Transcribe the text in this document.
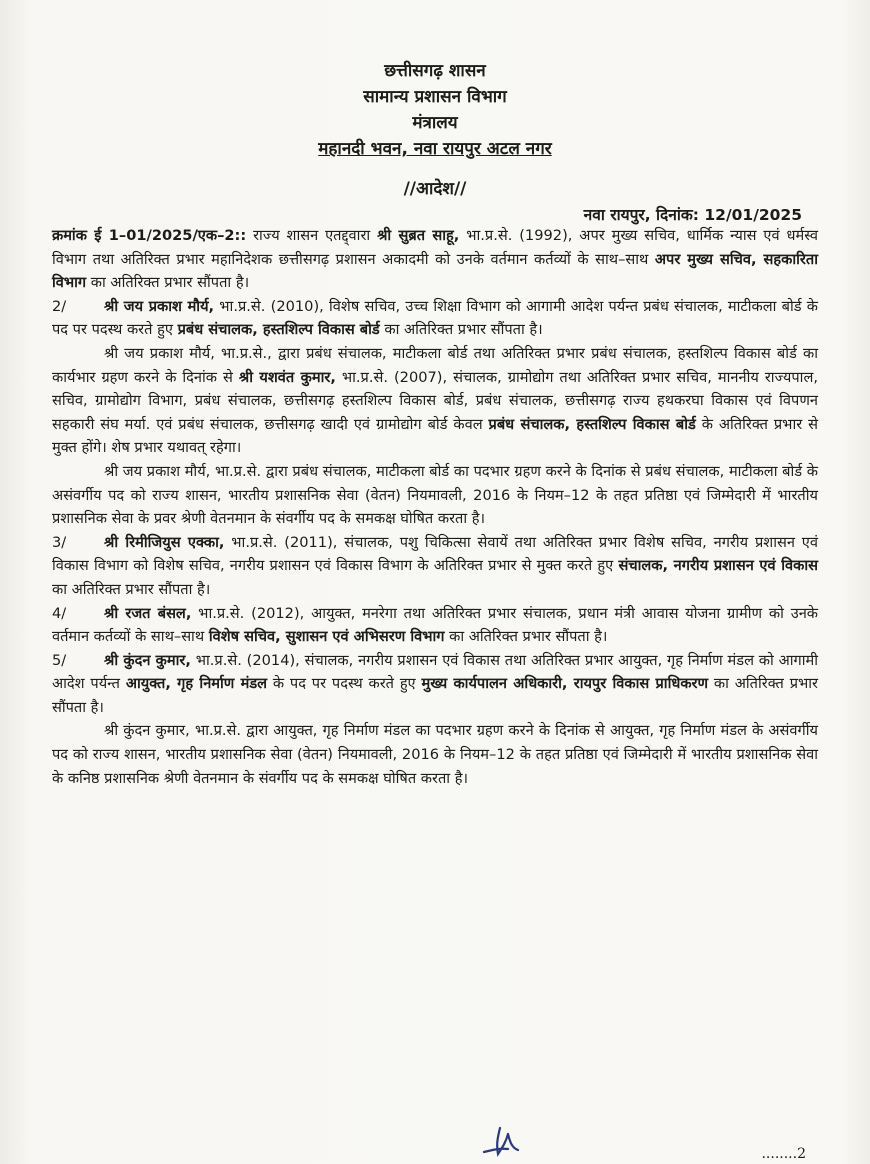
छत्तीसगढ़ शासन
सामान्य प्रशासन विभाग
मंत्रालय
महानदी भवन, नवा रायपुर अटल नगर
//आदेश//
नवा रायपुर, दिनांक: 12/01/2025

क्रमांक ई 1–01/2025/एक–2:: राज्य शासन एतद्द्वारा श्री सुब्रत साहू, भा.प्र.से. (1992), अपर मुख्य सचिव, धार्मिक न्यास एवं धर्मस्व विभाग तथा अतिरिक्त प्रभार महानिदेशक छत्तीसगढ़ प्रशासन अकादमी को उनके वर्तमान कर्तव्यों के साथ–साथ अपर मुख्य सचिव, सहकारिता विभाग का अतिरिक्त प्रभार सौंपता है।

2/	श्री जय प्रकाश मौर्य, भा.प्र.से. (2010), विशेष सचिव, उच्च शिक्षा विभाग को आगामी आदेश पर्यन्त प्रबंध संचालक, माटीकला बोर्ड के पद पर पदस्थ करते हुए प्रबंध संचालक, हस्तशिल्प विकास बोर्ड का अतिरिक्त प्रभार सौंपता है।

श्री जय प्रकाश मौर्य, भा.प्र.से., द्वारा प्रबंध संचालक, माटीकला बोर्ड तथा अतिरिक्त प्रभार प्रबंध संचालक, हस्तशिल्प विकास बोर्ड का कार्यभार ग्रहण करने के दिनांक से श्री यशवंत कुमार, भा.प्र.से. (2007), संचालक, ग्रामोद्योग तथा अतिरिक्त प्रभार सचिव, माननीय राज्यपाल, सचिव, ग्रामोद्योग विभाग, प्रबंध संचालक, छत्तीसगढ़ हस्तशिल्प विकास बोर्ड, प्रबंध संचालक, छत्तीसगढ़ राज्य हथकरघा विकास एवं विपणन सहकारी संघ मर्या. एवं प्रबंध संचालक, छत्तीसगढ़ खादी एवं ग्रामोद्योग बोर्ड केवल प्रबंध संचालक, हस्तशिल्प विकास बोर्ड के अतिरिक्त प्रभार से मुक्त होंगे। शेष प्रभार यथावत् रहेगा।

श्री जय प्रकाश मौर्य, भा.प्र.से. द्वारा प्रबंध संचालक, माटीकला बोर्ड का पदभार ग्रहण करने के दिनांक से प्रबंध संचालक, माटीकला बोर्ड के असंवर्गीय पद को राज्य शासन, भारतीय प्रशासनिक सेवा (वेतन) नियमावली, 2016 के नियम–12 के तहत प्रतिष्ठा एवं जिम्मेदारी में भारतीय प्रशासनिक सेवा के प्रवर श्रेणी वेतनमान के संवर्गीय पद के समकक्ष घोषित करता है।

3/	श्री रिमीजियुस एक्का, भा.प्र.से. (2011), संचालक, पशु चिकित्सा सेवायें तथा अतिरिक्त प्रभार विशेष सचिव, नगरीय प्रशासन एवं विकास विभाग को विशेष सचिव, नगरीय प्रशासन एवं विकास विभाग के अतिरिक्त प्रभार से मुक्त करते हुए संचालक, नगरीय प्रशासन एवं विकास का अतिरिक्त प्रभार सौंपता है।

4/	श्री रजत बंसल, भा.प्र.से. (2012), आयुक्त, मनरेगा तथा अतिरिक्त प्रभार संचालक, प्रधान मंत्री आवास योजना ग्रामीण को उनके वर्तमान कर्तव्यों के साथ–साथ विशेष सचिव, सुशासन एवं अभिसरण विभाग का अतिरिक्त प्रभार सौंपता है।

5/	श्री कुंदन कुमार, भा.प्र.से. (2014), संचालक, नगरीय प्रशासन एवं विकास तथा अतिरिक्त प्रभार आयुक्त, गृह निर्माण मंडल को आगामी आदेश पर्यन्त आयुक्त, गृह निर्माण मंडल के पद पर पदस्थ करते हुए मुख्य कार्यपालन अधिकारी, रायपुर विकास प्राधिकरण का अतिरिक्त प्रभार सौंपता है।

श्री कुंदन कुमार, भा.प्र.से. द्वारा आयुक्त, गृह निर्माण मंडल का पदभार ग्रहण करने के दिनांक से आयुक्त, गृह निर्माण मंडल के असंवर्गीय पद को राज्य शासन, भारतीय प्रशासनिक सेवा (वेतन) नियमावली, 2016 के नियम–12 के तहत प्रतिष्ठा एवं जिम्मेदारी में भारतीय प्रशासनिक सेवा के कनिष्ठ प्रशासनिक श्रेणी वेतनमान के संवर्गीय पद के समकक्ष घोषित करता है।

........2
